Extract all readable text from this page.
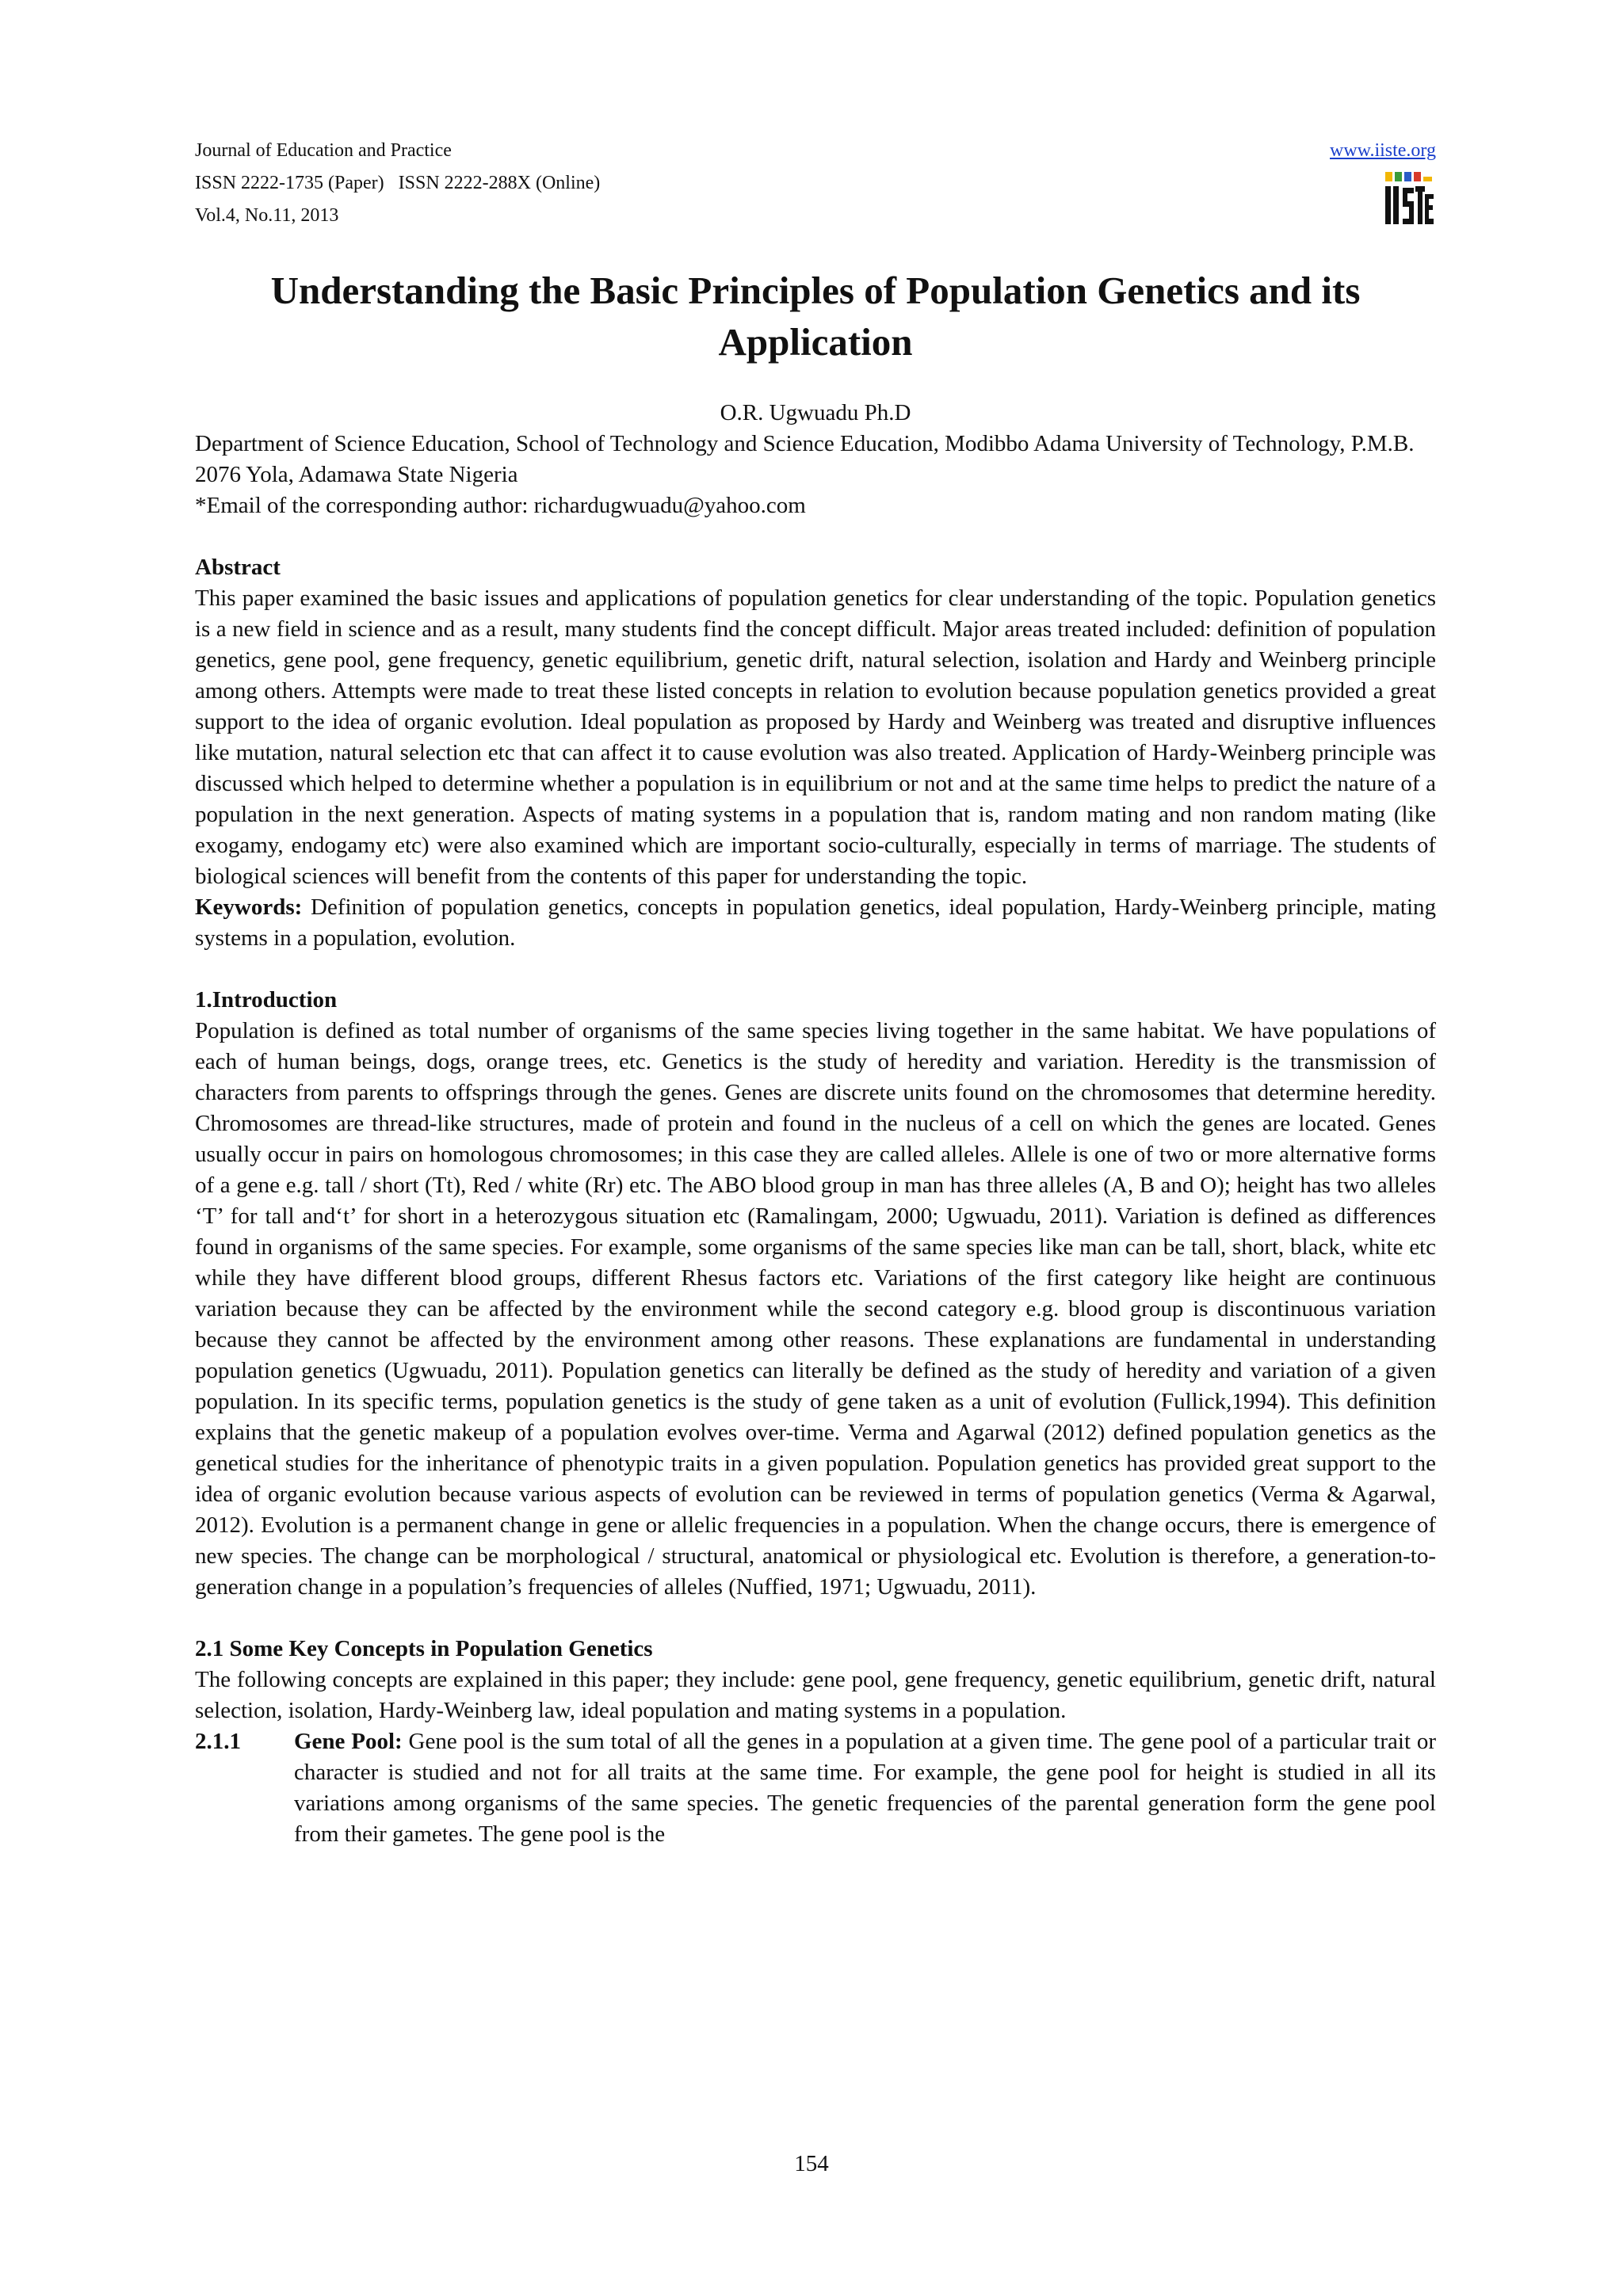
Journal of Education and Practice
ISSN 2222-1735 (Paper)   ISSN 2222-288X (Online)
Vol.4, No.11, 2013
www.iiste.org
Understanding the Basic Principles of Population Genetics and its Application
O.R. Ugwuadu Ph.D
Department of Science Education, School of Technology and Science Education, Modibbo Adama University of Technology, P.M.B. 2076 Yola, Adamawa State Nigeria
*Email of the corresponding author: richardugwuadu@yahoo.com
Abstract
This paper examined the basic issues and applications of population genetics for clear understanding of the topic. Population genetics is a new field in science and as a result, many students find the concept difficult. Major areas treated included: definition of population genetics, gene pool, gene frequency, genetic equilibrium, genetic drift, natural selection, isolation and Hardy and Weinberg principle among others. Attempts were made to treat these listed concepts in relation to evolution because population genetics provided a great support to the idea of organic evolution. Ideal population as proposed by Hardy and Weinberg was treated and disruptive influences like mutation, natural selection etc that can affect it to cause evolution was also treated. Application of Hardy-Weinberg principle was discussed which helped to determine whether a population is in equilibrium or not and at the same time helps to predict the nature of a population in the next generation. Aspects of mating systems in a population that is, random mating and non random mating (like exogamy, endogamy etc) were also examined which are important socio-culturally, especially in terms of marriage. The students of biological sciences will benefit from the contents of this paper for understanding the topic.
Keywords: Definition of population genetics, concepts in population genetics, ideal population, Hardy-Weinberg principle, mating systems in a population, evolution.
1.Introduction
Population is defined as total number of organisms of the same species living together in the same habitat. We have populations of each of human beings, dogs, orange trees, etc. Genetics is the study of heredity and variation. Heredity is the transmission of characters from parents to offsprings through the genes. Genes are discrete units found on the chromosomes that determine heredity. Chromosomes are thread-like structures, made of protein and found in the nucleus of a cell on which the genes are located. Genes usually occur in pairs on homologous chromosomes; in this case they are called alleles. Allele is one of two or more alternative forms of a gene e.g. tall / short (Tt), Red / white (Rr) etc. The ABO blood group in man has three alleles (A, B and O); height has two alleles ‘T’ for tall and‘t’ for short in a heterozygous situation etc (Ramalingam, 2000; Ugwuadu, 2011). Variation is defined as differences found in organisms of the same species. For example, some organisms of the same species like man can be tall, short, black, white etc while they have different blood groups, different Rhesus factors etc. Variations of the first category like height are continuous variation because they can be affected by the environment while the second category e.g. blood group is discontinuous variation because they cannot be affected by the environment among other reasons. These explanations are fundamental in understanding population genetics (Ugwuadu, 2011). Population genetics can literally be defined as the study of heredity and variation of a given population. In its specific terms, population genetics is the study of gene taken as a unit of evolution (Fullick,1994). This definition explains that the genetic makeup of a population evolves over-time. Verma and Agarwal (2012) defined population genetics as the genetical studies for the inheritance of phenotypic traits in a given population. Population genetics has provided great support to the idea of organic evolution because various aspects of evolution can be reviewed in terms of population genetics (Verma & Agarwal, 2012). Evolution is a permanent change in gene or allelic frequencies in a population. When the change occurs, there is emergence of new species. The change can be morphological / structural, anatomical or physiological etc. Evolution is therefore, a generation-to-generation change in a population’s frequencies of alleles (Nuffied, 1971; Ugwuadu, 2011).
2.1 Some Key Concepts in Population Genetics
The following concepts are explained in this paper; they include: gene pool, gene frequency, genetic equilibrium, genetic drift, natural selection, isolation, Hardy-Weinberg law, ideal population and mating systems in a population.
2.1.1 Gene Pool: Gene pool is the sum total of all the genes in a population at a given time. The gene pool of a particular trait or character is studied and not for all traits at the same time. For example, the gene pool for height is studied in all its variations among organisms of the same species. The genetic frequencies of the parental generation form the gene pool from their gametes. The gene pool is the
154
